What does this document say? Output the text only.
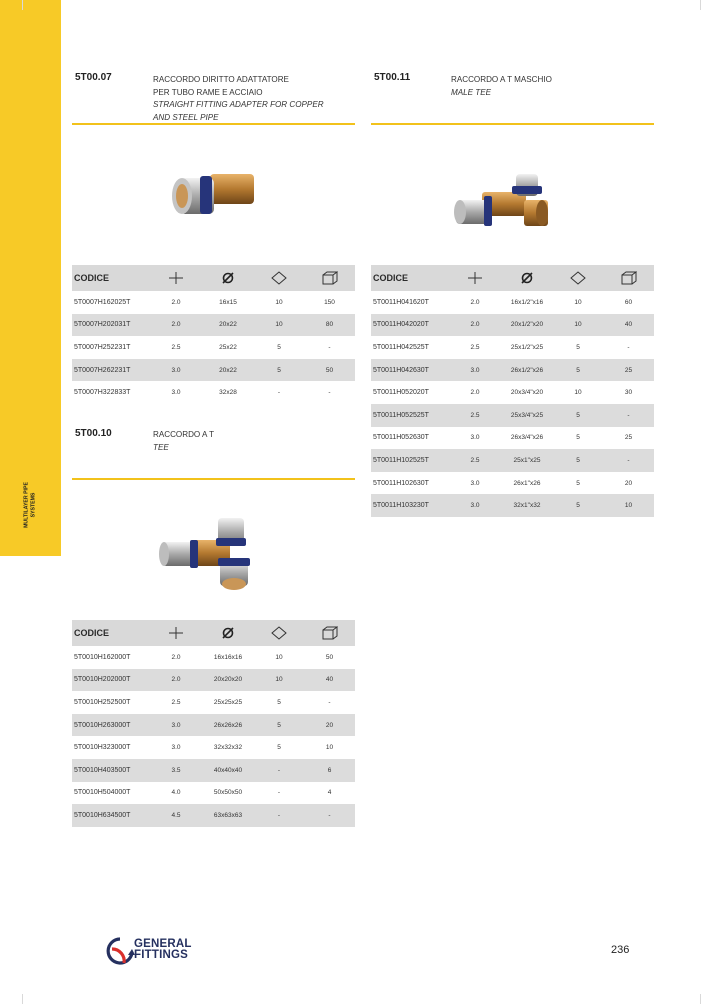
MULTILAYER PIPE
SYSTEMS
5T00.07	RACCORDO DIRITTO ADATTATORE
PER TUBO RAME E ACCIAIO
STRAIGHT FITTING ADAPTER FOR COPPER
AND STEEL PIPE
CODICE				
5T0007H162025T	2.0	16x15	10	150
5T0007H202031T	2.0	20x22	10	80
5T0007H252231T	2.5	25x22	5	-
5T0007H262231T	3.0	20x22	5	50
5T0007H322833T	3.0	32x28	-	-
5T00.10	RACCORDO A T
TEE
CODICE				
5T0010H162000T	2.0	16x16x16	10	50
5T0010H202000T	2.0	20x20x20	10	40
5T0010H252500T	2.5	25x25x25	5	-
5T0010H263000T	3.0	26x26x26	5	20
5T0010H323000T	3.0	32x32x32	5	10
5T0010H403500T	3.5	40x40x40	-	6
5T0010H504000T	4.0	50x50x50	-	4
5T0010H634500T	4.5	63x63x63	-	-
5T00.11	RACCORDO A T MASCHIO
MALE TEE
CODICE				
5T0011H041620T	2.0	16x1/2"x16	10	60
5T0011H042020T	2.0	20x1/2"x20	10	40
5T0011H042525T	2.5	25x1/2"x25	5	-
5T0011H042630T	3.0	26x1/2"x26	5	25
5T0011H052020T	2.0	20x3/4"x20	10	30
5T0011H052525T	2.5	25x3/4"x25	5	-
5T0011H052630T	3.0	26x3/4"x26	5	25
5T0011H102525T	2.5	25x1"x25	5	-
5T0011H102630T	3.0	26x1"x26	5	20
5T0011H103230T	3.0	32x1"x32	5	10
GENERAL
FITTINGS	236
